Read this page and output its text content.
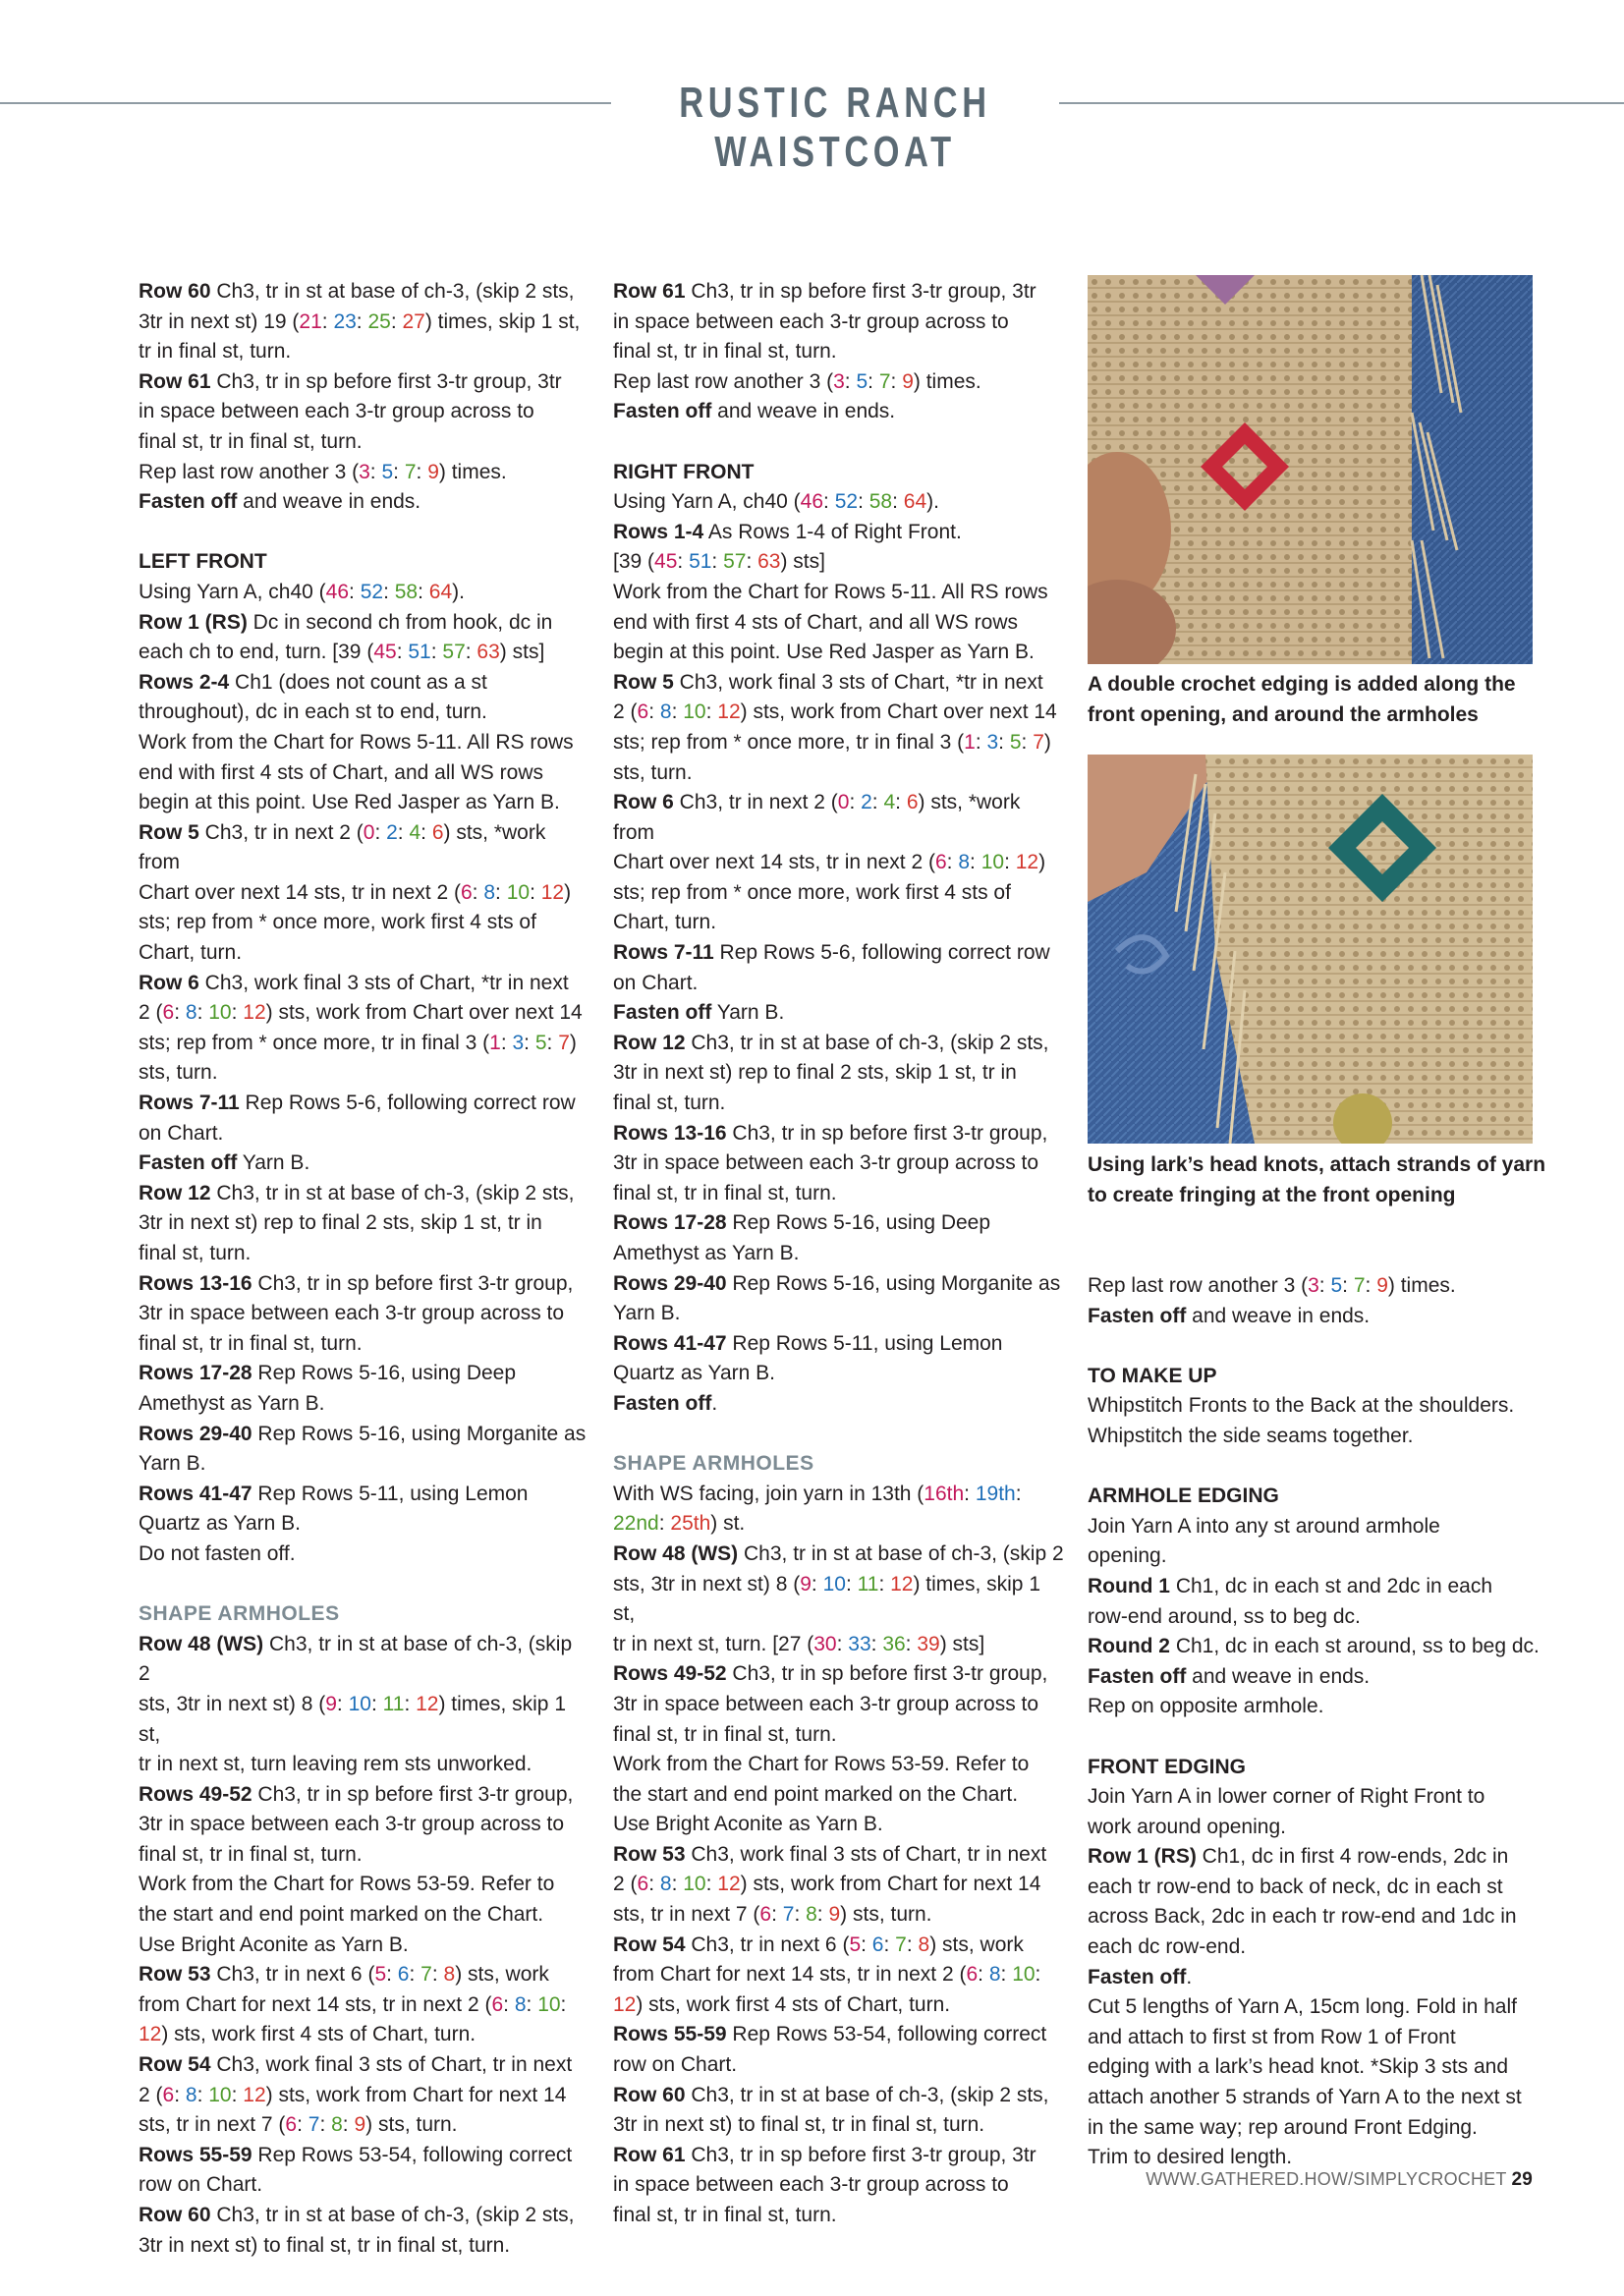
RUSTIC RANCH WAISTCOAT

Row 60 Ch3, tr in st at base of ch-3, (skip 2 sts,

3tr in next st) 19 (21: 23: 25: 27) times, skip 1 st,

tr in final st, turn.

Row 61 Ch3, tr in sp before first 3-tr group, 3tr

in space between each 3-tr group across to

final st, tr in final st, turn.

Rep last row another 3 (3: 5: 7: 9) times.

Fasten off and weave in ends.

LEFT FRONT

Using Yarn A, ch40 (46: 52: 58: 64).

Row 1 (RS) Dc in second ch from hook, dc in

each ch to end, turn. [39 (45: 51: 57: 63) sts]

Rows 2-4 Ch1 (does not count as a st

throughout), dc in each st to end, turn.

Work from the Chart for Rows 5-11. All RS rows

end with first 4 sts of Chart, and all WS rows

begin at this point. Use Red Jasper as Yarn B.

Row 5 Ch3, tr in next 2 (0: 2: 4: 6) sts, *work from

Chart over next 14 sts, tr in next 2 (6: 8: 10: 12)

sts; rep from * once more, work first 4 sts of

Chart, turn.

Row 6 Ch3, work final 3 sts of Chart, *tr in next

2 (6: 8: 10: 12) sts, work from Chart over next 14

sts; rep from * once more, tr in final 3 (1: 3: 5: 7)

sts, turn.

Rows 7-11 Rep Rows 5-6, following correct row

on Chart.

Fasten off Yarn B.

Row 12 Ch3, tr in st at base of ch-3, (skip 2 sts,

3tr in next st) rep to final 2 sts, skip 1 st, tr in

final st, turn.

Rows 13-16 Ch3, tr in sp before first 3-tr group,

3tr in space between each 3-tr group across to

final st, tr in final st, turn.

Rows 17-28 Rep Rows 5-16, using Deep

Amethyst as Yarn B.

Rows 29-40 Rep Rows 5-16, using Morganite as

Yarn B.

Rows 41-47 Rep Rows 5-11, using Lemon

Quartz as Yarn B.

Do not fasten off.

SHAPE ARMHOLES

Row 48 (WS) Ch3, tr in st at base of ch-3, (skip 2

sts, 3tr in next st) 8 (9: 10: 11: 12) times, skip 1 st,

tr in next st, turn leaving rem sts unworked.

Rows 49-52 Ch3, tr in sp before first 3-tr group,

3tr in space between each 3-tr group across to

final st, tr in final st, turn.

Work from the Chart for Rows 53-59. Refer to

the start and end point marked on the Chart.

Use Bright Aconite as Yarn B.

Row 53 Ch3, tr in next 6 (5: 6: 7: 8) sts, work

from Chart for next 14 sts, tr in next 2 (6: 8: 10:

12) sts, work first 4 sts of Chart, turn.

Row 54 Ch3, work final 3 sts of Chart, tr in next

2 (6: 8: 10: 12) sts, work from Chart for next 14

sts, tr in next 7 (6: 7: 8: 9) sts, turn.

Rows 55-59 Rep Rows 53-54, following correct

row on Chart.

Row 60 Ch3, tr in st at base of ch-3, (skip 2 sts,

3tr in next st) to final st, tr in final st, turn.

Row 61 Ch3, tr in sp before first 3-tr group, 3tr

in space between each 3-tr group across to

final st, tr in final st, turn.

Rep last row another 3 (3: 5: 7: 9) times.

Fasten off and weave in ends.

RIGHT FRONT

Using Yarn A, ch40 (46: 52: 58: 64).

Rows 1-4 As Rows 1-4 of Right Front.

[39 (45: 51: 57: 63) sts]

Work from the Chart for Rows 5-11. All RS rows

end with first 4 sts of Chart, and all WS rows

begin at this point. Use Red Jasper as Yarn B.

Row 5 Ch3, work final 3 sts of Chart, *tr in next

2 (6: 8: 10: 12) sts, work from Chart over next 14

sts; rep from * once more, tr in final 3 (1: 3: 5: 7)

sts, turn.

Row 6 Ch3, tr in next 2 (0: 2: 4: 6) sts, *work from

Chart over next 14 sts, tr in next 2 (6: 8: 10: 12)

sts; rep from * once more, work first 4 sts of

Chart, turn.

Rows 7-11 Rep Rows 5-6, following correct row

on Chart.

Fasten off Yarn B.

Row 12 Ch3, tr in st at base of ch-3, (skip 2 sts,

3tr in next st) rep to final 2 sts, skip 1 st, tr in

final st, turn.

Rows 13-16 Ch3, tr in sp before first 3-tr group,

3tr in space between each 3-tr group across to

final st, tr in final st, turn.

Rows 17-28 Rep Rows 5-16, using Deep

Amethyst as Yarn B.

Rows 29-40 Rep Rows 5-16, using Morganite as

Yarn B.

Rows 41-47 Rep Rows 5-11, using Lemon

Quartz as Yarn B.

Fasten off.

SHAPE ARMHOLES

With WS facing, join yarn in 13th (16th: 19th:

22nd: 25th) st.

Row 48 (WS) Ch3, tr in st at base of ch-3, (skip 2

sts, 3tr in next st) 8 (9: 10: 11: 12) times, skip 1 st,

tr in next st, turn. [27 (30: 33: 36: 39) sts]

Rows 49-52 Ch3, tr in sp before first 3-tr group,

3tr in space between each 3-tr group across to

final st, tr in final st, turn.

Work from the Chart for Rows 53-59. Refer to

the start and end point marked on the Chart.

Use Bright Aconite as Yarn B.

Row 53 Ch3, work final 3 sts of Chart, tr in next

2 (6: 8: 10: 12) sts, work from Chart for next 14

sts, tr in next 7 (6: 7: 8: 9) sts, turn.

Row 54 Ch3, tr in next 6 (5: 6: 7: 8) sts, work

from Chart for next 14 sts, tr in next 2 (6: 8: 10:

12) sts, work first 4 sts of Chart, turn.

Rows 55-59 Rep Rows 53-54, following correct

row on Chart.

Row 60 Ch3, tr in st at base of ch-3, (skip 2 sts,

3tr in next st) to final st, tr in final st, turn.

Row 61 Ch3, tr in sp before first 3-tr group, 3tr

in space between each 3-tr group across to

final st, tr in final st, turn.

A double crochet edging is added along the front opening, and around the armholes
Using lark’s head knots, attach strands of yarn to create fringing at the front opening

Rep last row another 3 (3: 5: 7: 9) times.

Fasten off and weave in ends.

TO MAKE UP

Whipstitch Fronts to the Back at the shoulders.

Whipstitch the side seams together.

ARMHOLE EDGING

Join Yarn A into any st around armhole

opening.

Round 1 Ch1, dc in each st and 2dc in each

row-end around, ss to beg dc.

Round 2 Ch1, dc in each st around, ss to beg dc.

Fasten off and weave in ends.

Rep on opposite armhole.

FRONT EDGING

Join Yarn A in lower corner of Right Front to

work around opening.

Row 1 (RS) Ch1, dc in first 4 row-ends, 2dc in

each tr row-end to back of neck, dc in each st

across Back, 2dc in each tr row-end and 1dc in

each dc row-end.

Fasten off.

Cut 5 lengths of Yarn A, 15cm long. Fold in half

and attach to first st from Row 1 of Front

edging with a lark’s head knot. *Skip 3 sts and

attach another 5 strands of Yarn A to the next st

in the same way; rep around Front Edging.

Trim to desired length.

WWW.GATHERED.HOW/SIMPLYCROCHET 29
